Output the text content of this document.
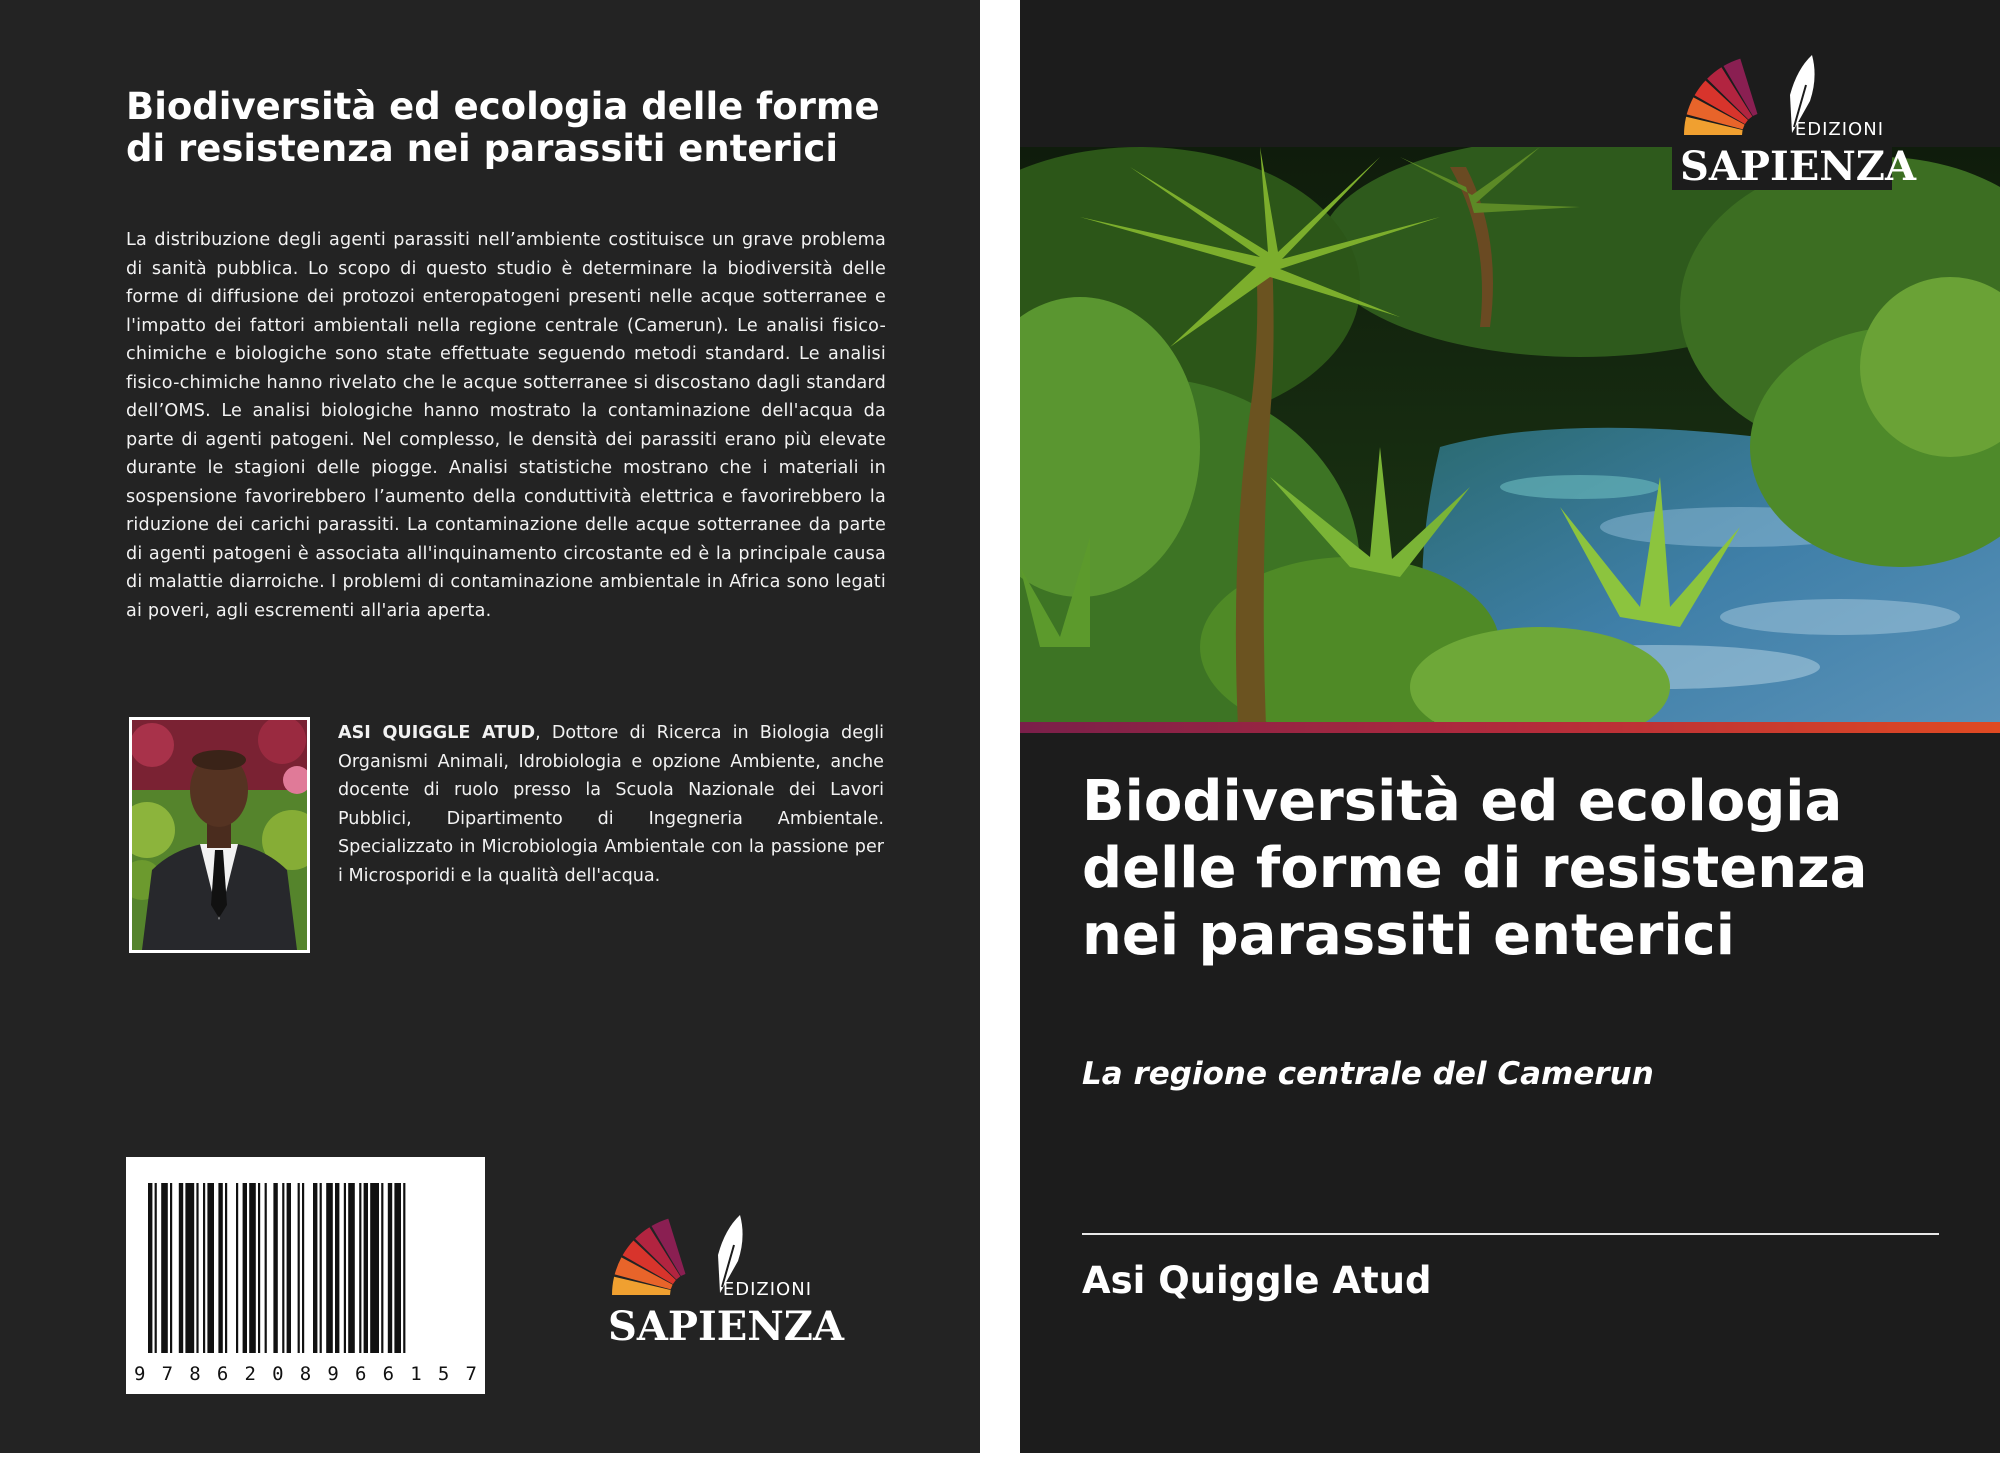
Biodiversità ed ecologia delle forme di resistenza nei parassiti enterici

La distribuzione degli agenti parassiti nell’ambiente costituisce un grave problema di sanità pubblica. Lo scopo di questo studio è determinare la biodiversità delle forme di diffusione dei protozoi enteropatogeni presenti nelle acque sotterranee e l'impatto dei fattori ambientali nella regione centrale (Camerun). Le analisi fisico-chimiche e biologiche sono state effettuate seguendo metodi standard. Le analisi fisico-chimiche hanno rivelato che le acque sotterranee si discostano dagli standard dell’OMS. Le analisi biologiche hanno mostrato la contaminazione dell'acqua da parte di agenti patogeni. Nel complesso, le densità dei parassiti erano più elevate durante le stagioni delle piogge. Analisi statistiche mostrano che i materiali in sospensione favorirebbero l’aumento della conduttività elettrica e favorirebbero la riduzione dei carichi parassiti. La contaminazione delle acque sotterranee da parte di agenti patogeni è associata all'inquinamento circostante ed è la principale causa di malattie diarroiche. I problemi di contaminazione ambientale in Africa sono legati ai poveri, agli escrementi all'aria aperta.

ASI QUIGGLE ATUD, Dottore di Ricerca in Biologia degli Organismi Animali, Idrobiologia e opzione Ambiente, anche docente di ruolo presso la Scuola Nazionale dei Lavori Pubblici, Dipartimento di Ingegneria Ambientale. Specializzato in Microbiologia Ambientale con la passione per i Microsporidi e la qualità dell'acqua.

9 7 8 6 2 0 8 9 6 6 1 5 7
EDIZIONI
SAPIENZA
EDIZIONI
SAPIENZA
Biodiversità ed ecologia delle forme di resistenza nei parassiti enterici

La regione centrale del Camerun

Asi Quiggle Atud
